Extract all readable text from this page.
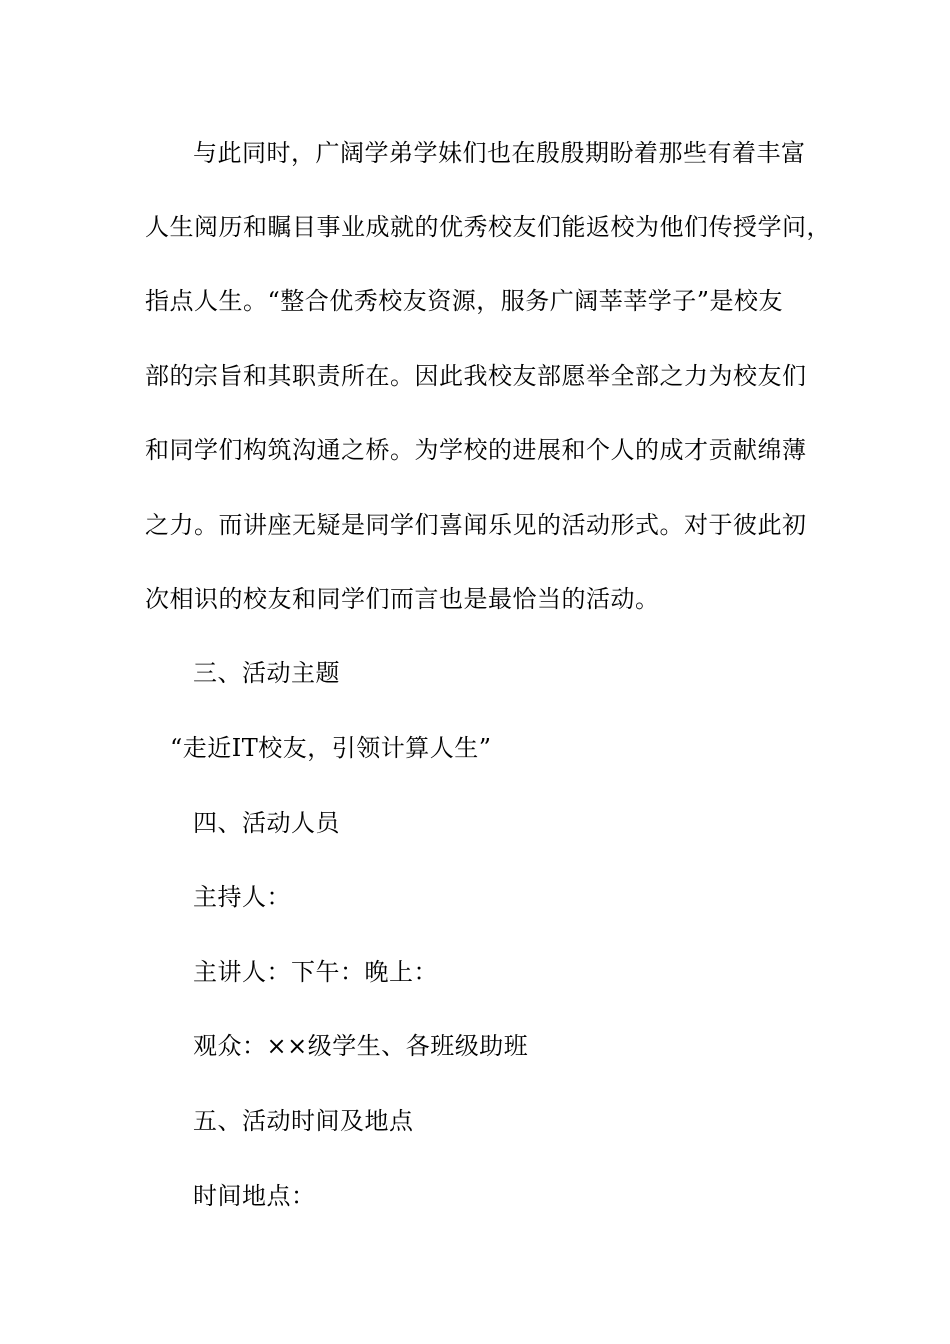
与此同时，广阔学弟学妹们也在殷殷期盼着那些有着丰富
人生阅历和瞩目事业成就的优秀校友们能返校为他们传授学问，
指点人生。“整合优秀校友资源，服务广阔莘莘学子”是校友
部的宗旨和其职责所在。因此我校友部愿举全部之力为校友们
和同学们构筑沟通之桥。为学校的进展和个人的成才贡献绵薄
之力。而讲座无疑是同学们喜闻乐见的活动形式。对于彼此初
次相识的校友和同学们而言也是最恰当的活动。
三、活动主题
“走近IT校友，引领计算人生”
四、活动人员
主持人：
主讲人：下午：晚上：
观众：××级学生、各班级助班
五、活动时间及地点
时间地点：
